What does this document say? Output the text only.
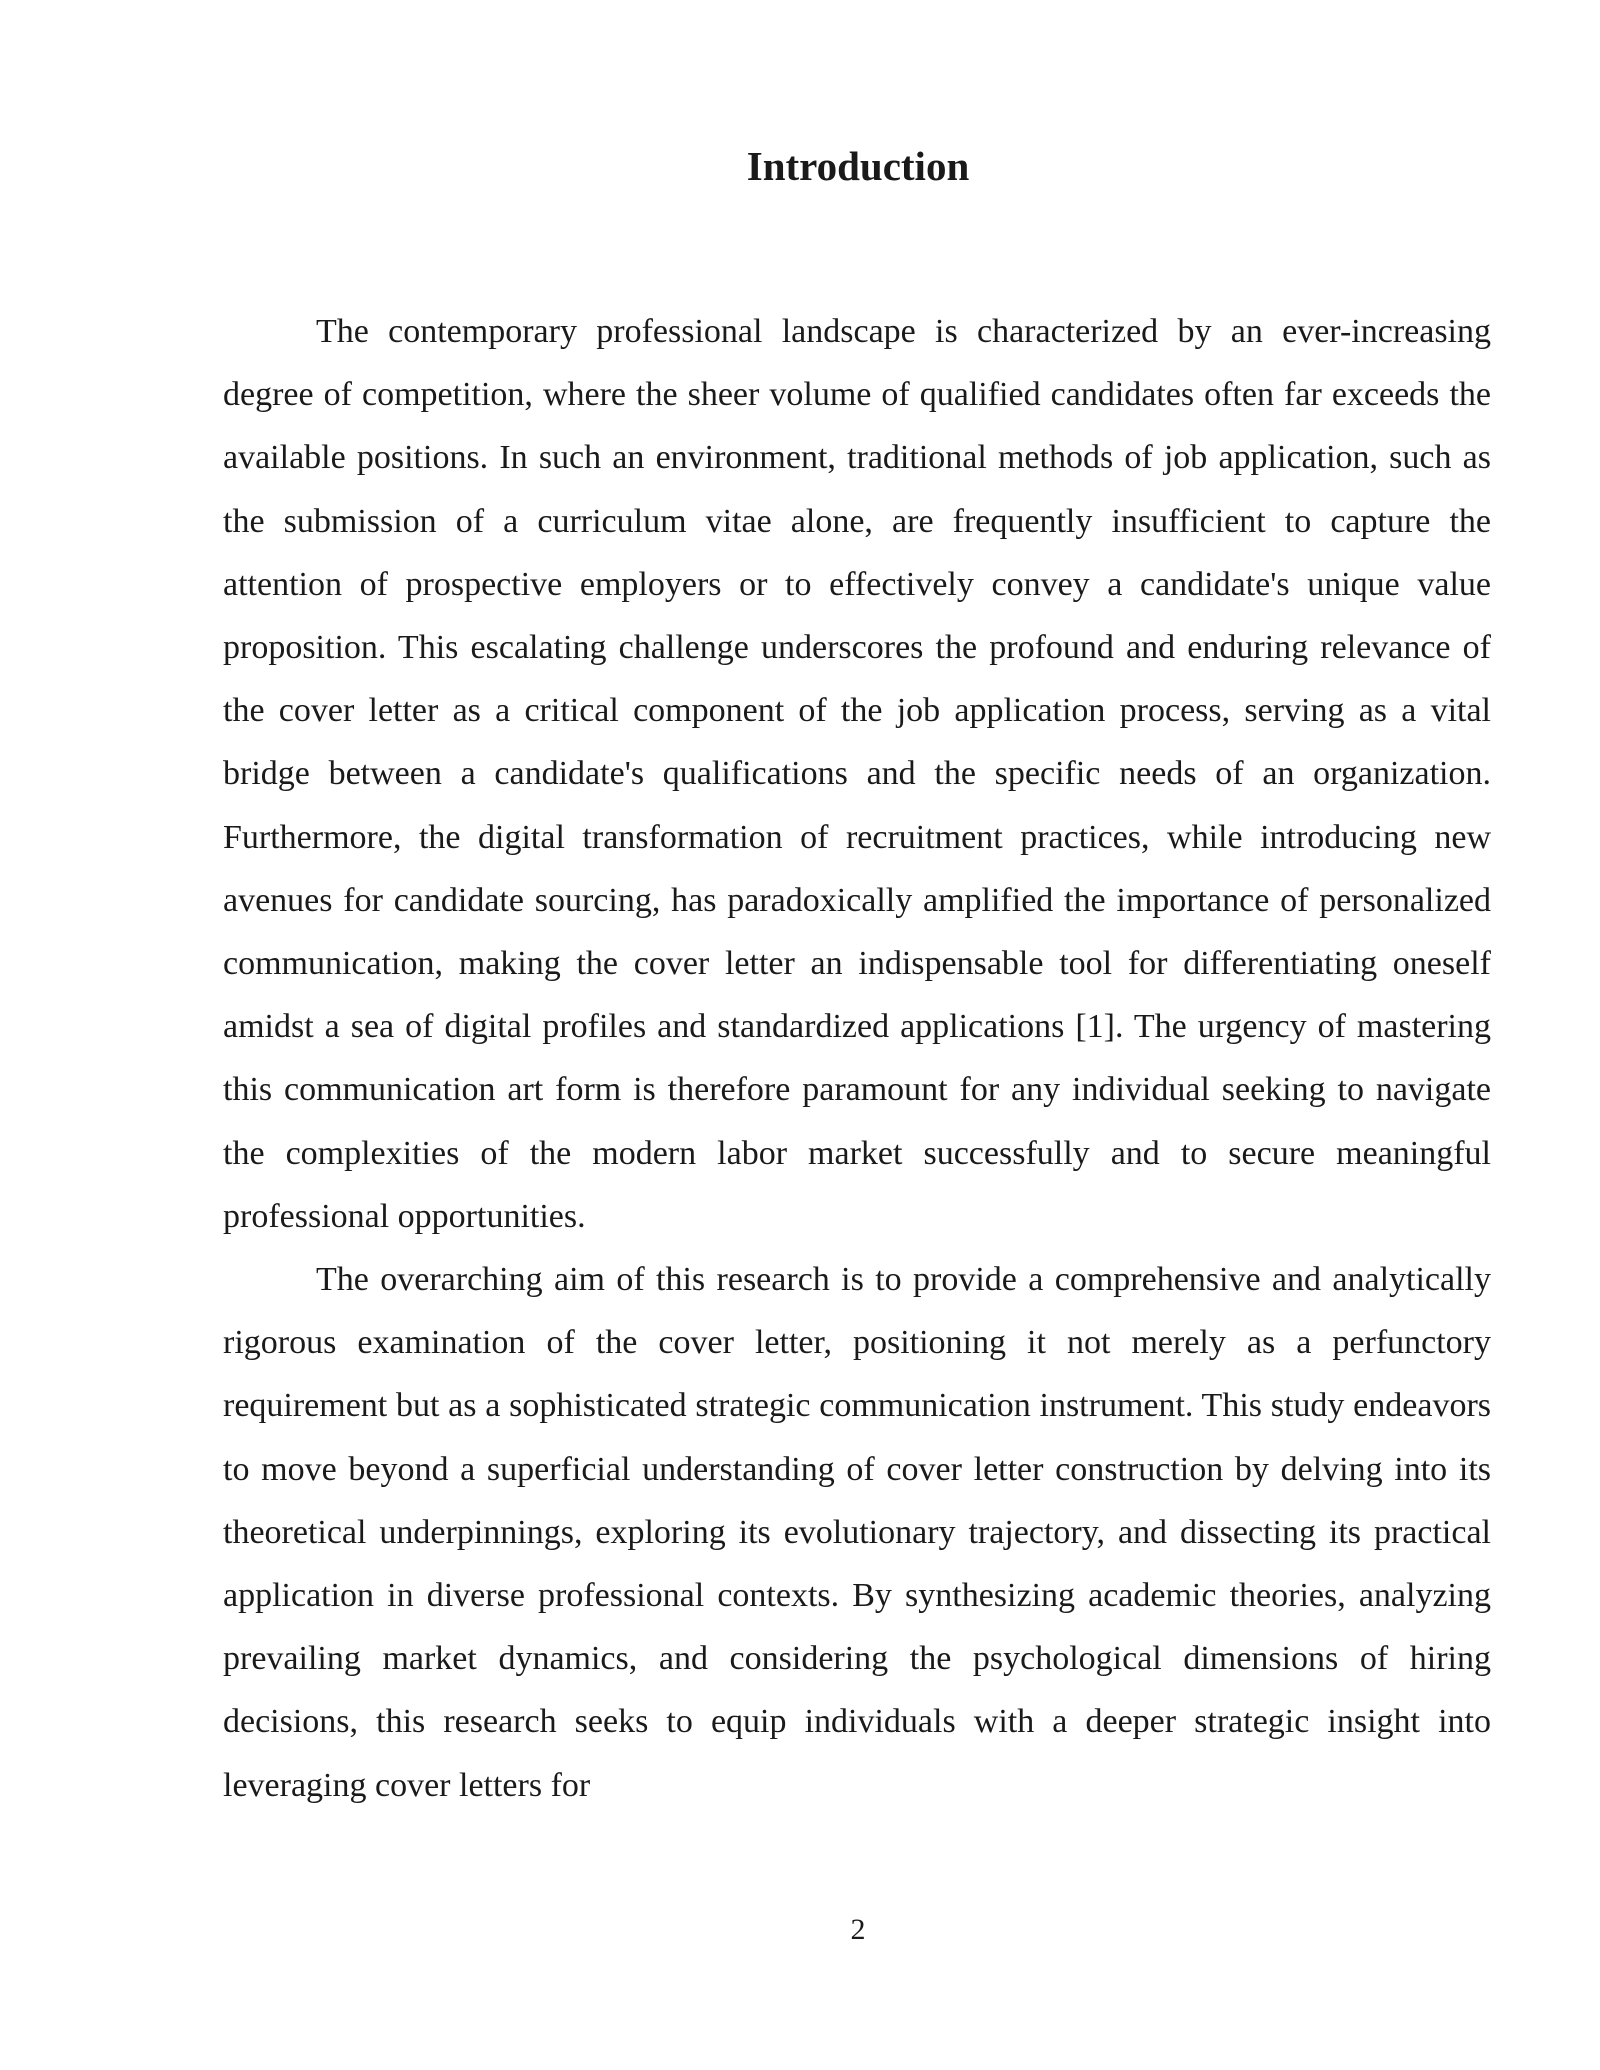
Introduction

The contemporary professional landscape is characterized by an ever-increasing degree of competition, where the sheer volume of qualified candidates often far exceeds the available positions. In such an environment, traditional methods of job application, such as the submission of a curriculum vitae alone, are frequently insufficient to capture the attention of prospective employers or to effectively convey a candidate's unique value proposition. This escalating challenge underscores the profound and enduring relevance of the cover letter as a critical component of the job application process, serving as a vital bridge between a candidate's qualifications and the specific needs of an organization. Furthermore, the digital transformation of recruitment practices, while introducing new avenues for candidate sourcing, has paradoxically amplified the importance of personalized communication, making the cover letter an indispensable tool for differentiating oneself amidst a sea of digital profiles and standardized applications [1]. The urgency of mastering this communication art form is therefore paramount for any individual seeking to navigate the complexities of the modern labor market successfully and to secure meaningful professional opportunities.

The overarching aim of this research is to provide a comprehensive and analytically rigorous examination of the cover letter, positioning it not merely as a perfunctory requirement but as a sophisticated strategic communication instrument. This study endeavors to move beyond a superficial understanding of cover letter construction by delving into its theoretical underpinnings, exploring its evolutionary trajectory, and dissecting its practical application in diverse professional contexts. By synthesizing academic theories, analyzing prevailing market dynamics, and considering the psychological dimensions of hiring decisions, this research seeks to equip individuals with a deeper strategic insight into leveraging cover letters for

2
